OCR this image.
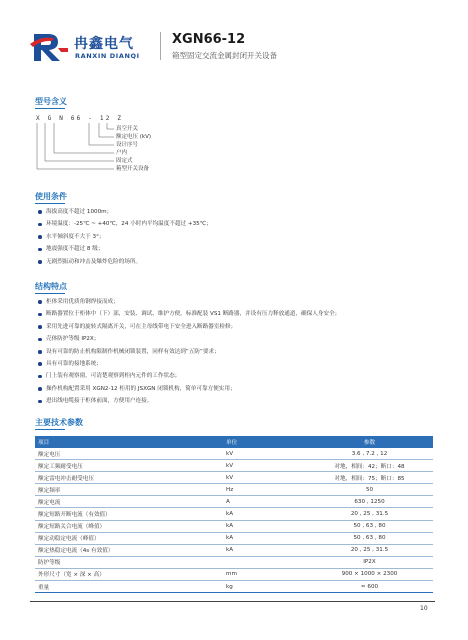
冉鑫电气
RANXIN DIANQI
XGN66-12
箱型固定交流金属封闭开关设备
型号含义
X G N 66 - 12 Z
真空开关
额定电压 (kV)
设计序号
户内
固定式
箱型开关设备
使用条件
海拔高度不超过 1000m；
环境温度：-25℃ ~ +40℃，24 小时内平均温度不超过 +35℃；
水平倾斜度不大于 3°；
地震强度不超过 8 级；
无剧烈振动和冲击及爆炸危险的场所。
结构特点
柜体采用优质角钢焊接而成；
断路器置位于柜体中（下）部，安装、调试、维护方便。标准配装 VS1 断路器，并设有压力释放通道，确保人身安全；
采用先进可靠的旋转式隔离开关，可在主母线带电下安全进入断路器室检修；
壳体防护等级 IP2X；
设有可靠的防止机构限制作机械闭锁装置，同样有效达到“五防”要求；
具有可靠的接地系统；
门上装有观察窗，可清楚观察到柜内元件的工作状态；
操作机构配置采用 XGN2-12 柜用的 JSXGN 闭锁机构，简单可靠方便实用；
进出线电缆接于柜体前面，方便用户连接。
主要技术参数
项目	单位	参数
额定电压	kV	3.6 , 7.2 , 12
额定工频耐受电压	kV	对地，相间：42；断口：48
额定雷电冲击耐受电压	kV	对地，相间：75；断口：85
额定频率	Hz	50
额定电流	A	630 , 1250
额定短路开断电流（有效值）	kA	20 , 25 , 31.5
额定短路关合电流（峰值）	kA	50 , 63 , 80
额定动稳定电流（峰值）	kA	50 , 63 , 80
额定热稳定电流（4s 有效值）	kA	20 , 25 , 31.5
防护等级		IP2X
外形尺寸（宽 × 深 × 高）	mm	900 × 1000 × 2300
重量	kg	≈ 600
10
